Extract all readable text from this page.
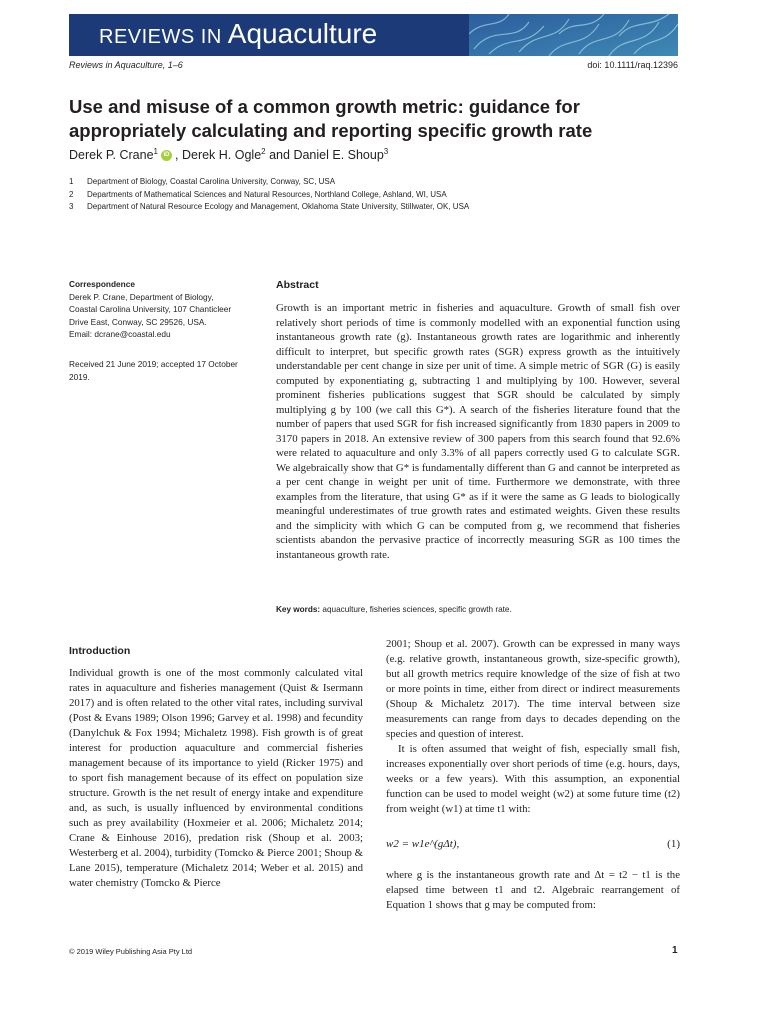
REVIEWS IN Aquaculture
Reviews in Aquaculture, 1–6	doi: 10.1111/raq.12396
Use and misuse of a common growth metric: guidance for appropriately calculating and reporting specific growth rate
Derek P. Crane$^1$ iD , Derek H. Ogle$^2$ and Daniel E. Shoup$^3$
1 Department of Biology, Coastal Carolina University, Conway, SC, USA
2 Departments of Mathematical Sciences and Natural Resources, Northland College, Ashland, WI, USA
3 Department of Natural Resource Ecology and Management, Oklahoma State University, Stillwater, OK, USA
Correspondence
Derek P. Crane, Department of Biology,
Coastal Carolina University, 107 Chanticleer
Drive East, Conway, SC 29526, USA.
Email: dcrane@coastal.edu
Received 21 June 2019; accepted 17 October
2019.
Abstract
Growth is an important metric in fisheries and aquaculture. Growth of small fish over relatively short periods of time is commonly modelled with an exponential function using instantaneous growth rate (g). Instantaneous growth rates are logarithmic and inherently difficult to interpret, but specific growth rates (SGR) express growth as the intuitively understandable per cent change in size per unit of time. A simple metric of SGR (G) is easily computed by exponentiating g, subtracting 1 and multiplying by 100. However, several prominent fisheries publications suggest that SGR should be calculated by simply multiplying g by 100 (we call this G*). A search of the fisheries literature found that the number of papers that used SGR for fish increased significantly from 1830 papers in 2009 to 3170 papers in 2018. An extensive review of 300 papers from this search found that 92.6% were related to aquaculture and only 3.3% of all papers correctly used G to calculate SGR. We algebraically show that G* is fundamentally different than G and cannot be interpreted as a per cent change in weight per unit of time. Furthermore we demonstrate, with three examples from the literature, that using G* as if it were the same as G leads to biologically meaningful underestimates of true growth rates and estimated weights. Given these results and the simplicity with which G can be computed from g, we recommend that fisheries scientists abandon the pervasive practice of incorrectly measuring SGR as 100 times the instantaneous growth rate.
Key words: aquaculture, fisheries sciences, specific growth rate.
Introduction

Individual growth is one of the most commonly calculated vital rates in aquaculture and fisheries management (Quist & Isermann 2017) and is often related to the other vital rates, including survival (Post & Evans 1989; Olson 1996; Garvey et al. 1998) and fecundity (Danylchuk & Fox 1994; Michaletz 1998). Fish growth is of great interest for production aquaculture and commercial fisheries management because of its importance to yield (Ricker 1975) and to sport fish management because of its effect on population size structure. Growth is the net result of energy intake and expenditure and, as such, is usually influenced by environmental conditions such as prey availability (Hoxmeier et al. 2006; Michaletz 2014; Crane & Einhouse 2016), predation risk (Shoup et al. 2003; Westerberg et al. 2004), turbidity (Tomcko & Pierce 2001; Shoup & Lane 2015), temperature (Michaletz 2014; Weber et al. 2015) and water chemistry (Tomcko & Pierce

2001; Shoup et al. 2007). Growth can be expressed in many ways (e.g. relative growth, instantaneous growth, size-specific growth), but all growth metrics require knowledge of the size of fish at two or more points in time, either from direct or indirect measurements (Shoup & Michaletz 2017). The time interval between size measurements can range from days to decades depending on the species and question of interest.

It is often assumed that weight of fish, especially small fish, increases exponentially over short periods of time (e.g. hours, days, weeks or a few years). With this assumption, an exponential function can be used to model weight (w2) at some future time (t2) from weight (w1) at time t1 with:

w2 = w1e^(gΔt),	(1)

where g is the instantaneous growth rate and Δt = t2 − t1 is the elapsed time between t1 and t2. Algebraic rearrangement of Equation 1 shows that g may be computed from:

© 2019 Wiley Publishing Asia Pty Ltd	1
